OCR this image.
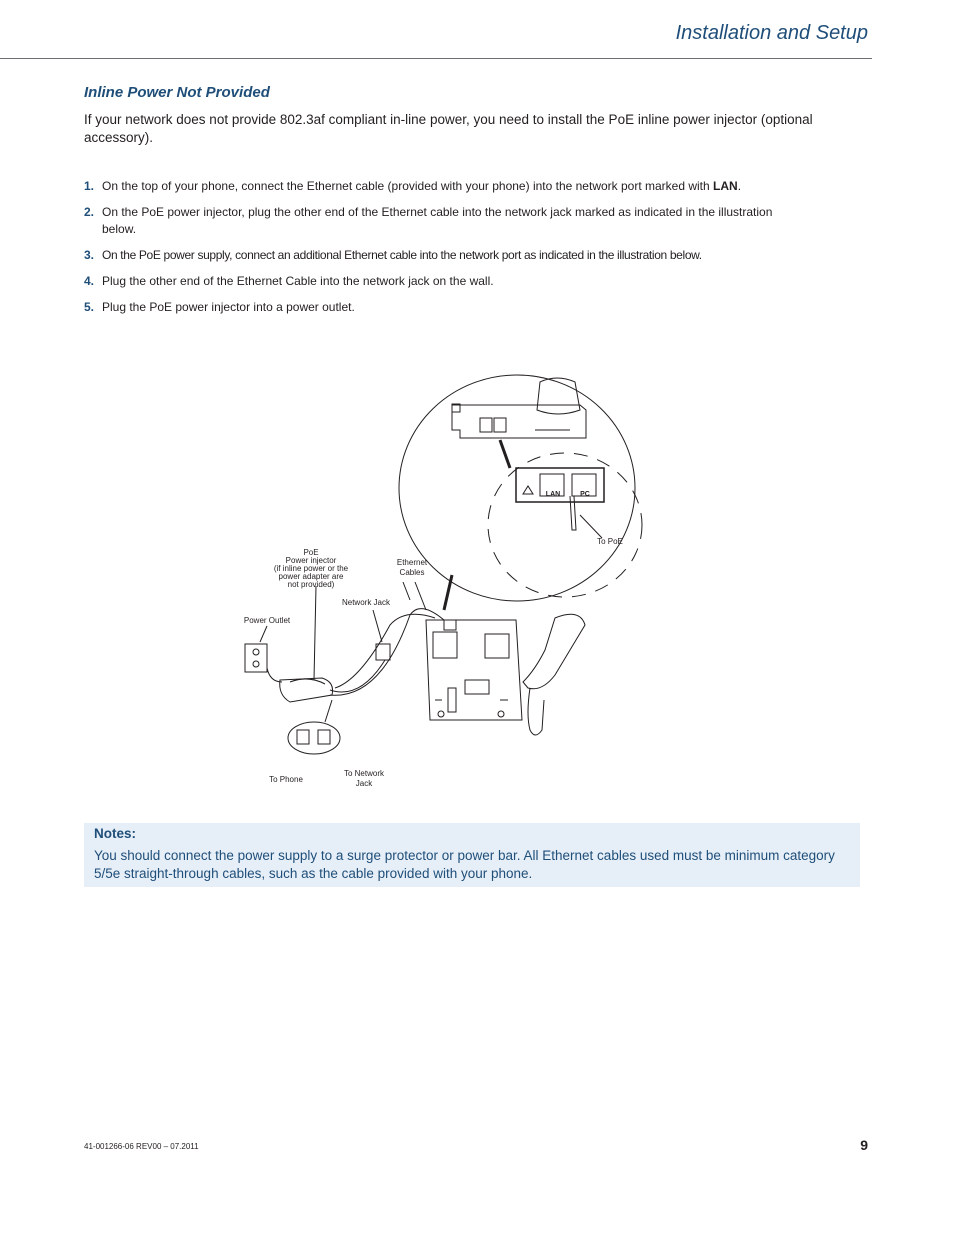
Installation and Setup
Inline Power Not Provided
If your network does not provide 802.3af compliant in-line power, you need to install the PoE inline power injector (optional accessory).
1. On the top of your phone, connect the Ethernet cable (provided with your phone) into the network port marked with LAN.
2. On the PoE power injector, plug the other end of the Ethernet cable into the network jack marked as indicated in the illustration below.
3. On the PoE power supply, connect an additional Ethernet cable into the network port as indicated in the illustration below.
4. Plug the other end of the Ethernet Cable into the network jack on the wall.
5. Plug the PoE power injector into a power outlet.
PoE
Power injector
(if inline power or the
power adapter are
not provided)
Ethernet
Cables
Network Jack
Power Outlet
To PoE
To Phone
To Network
Jack
LAN	PC
Notes:
You should connect the power supply to a surge protector or power bar. All Ethernet cables used must be minimum category 5/5e straight-through cables, such as the cable provided with your phone.
41-001266-06 REV00 – 07.2011	9
